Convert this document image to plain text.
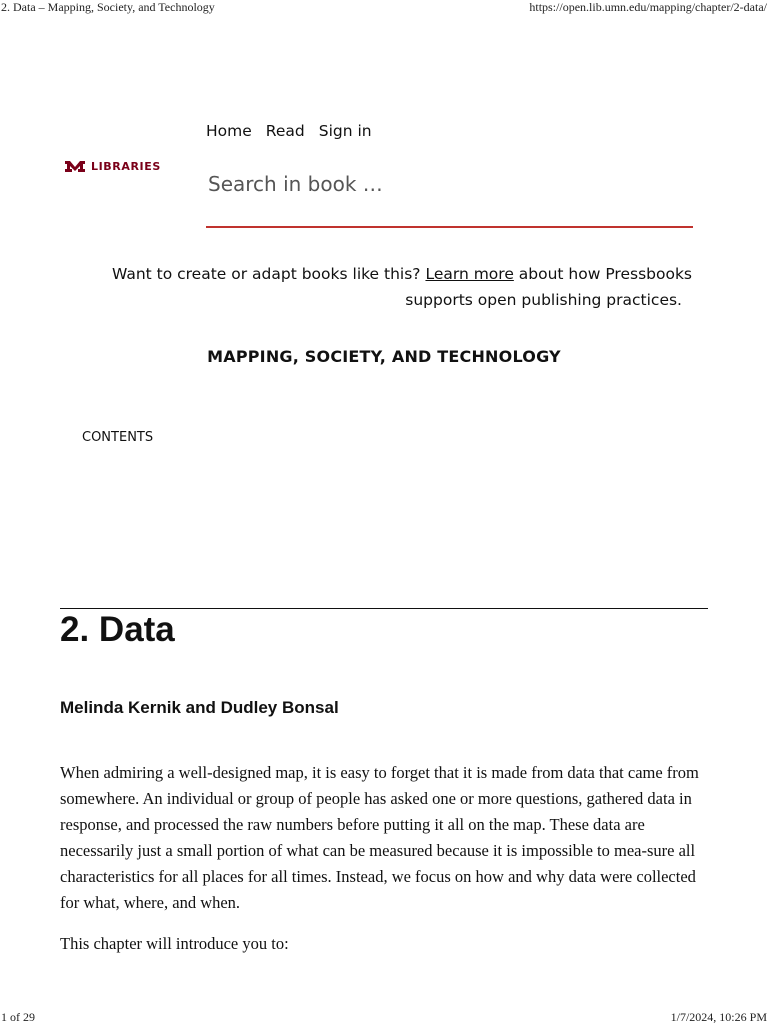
2. Data – Mapping, Society, and Technology	https://open.lib.umn.edu/mapping/chapter/2-data/
LIBRARIES
Home Read Sign in
Search in book …
Want to create or adapt books like this? Learn more about how Pressbooks
supports open publishing practices.
MAPPING, SOCIETY, AND TECHNOLOGY
CONTENTS
2. Data
Melinda Kernik and Dudley Bonsal

When admiring a well-designed map, it is easy to forget that it is made from data that came from somewhere. An individual or group of people has asked one or more questions, gathered data in response, and processed the raw numbers before putting it all on the map. These data are necessarily just a small portion of what can be measured because it is impossible to mea-sure all characteristics for all places for all times. Instead, we focus on how and why data were collected for what, where, and when.

This chapter will introduce you to:

1 of 29	1/7/2024, 10:26 PM
